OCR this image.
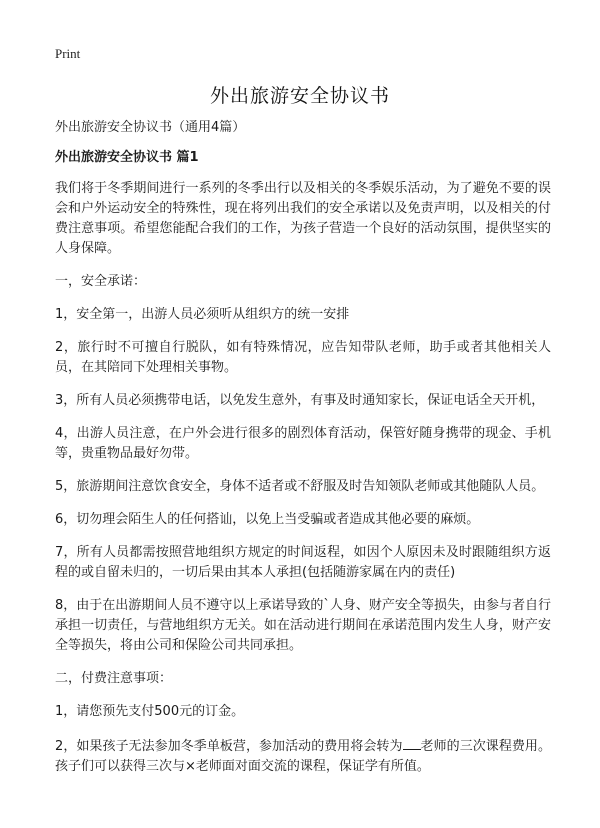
Print
外出旅游安全协议书

外出旅游安全协议书（通用4篇）

外出旅游安全协议书 篇1

我们将于冬季期间进行一系列的冬季出行以及相关的冬季娱乐活动，为了避免不要的误会和户外运动安全的特殊性，现在将列出我们的安全承诺以及免责声明，以及相关的付费注意事项。希望您能配合我们的工作，为孩子营造一个良好的活动氛围，提供坚实的人身保障。

一，安全承诺：

1，安全第一，出游人员必须听从组织方的统一安排

2，旅行时不可擅自行脱队，如有特殊情况，应告知带队老师，助手或者其他相关人员，在其陪同下处理相关事物。

3，所有人员必须携带电话，以免发生意外，有事及时通知家长，保证电话全天开机，

4，出游人员注意，在户外会进行很多的剧烈体育活动，保管好随身携带的现金、手机等，贵重物品最好勿带。

5，旅游期间注意饮食安全，身体不适者或不舒服及时告知领队老师或其他随队人员。

6，切勿理会陌生人的任何搭讪，以免上当受骗或者造成其他必要的麻烦。

7，所有人员都需按照营地组织方规定的时间返程，如因个人原因未及时跟随组织方返程的或自留未归的，一切后果由其本人承担(包括随游家属在内的责任)

8，由于在出游期间人员不遵守以上承诺导致的`人身、财产安全等损失，由参与者自行承担一切责任，与营地组织方无关。如在活动进行期间在承诺范围内发生人身，财产安全等损失，将由公司和保险公司共同承担。

二，付费注意事项：

1，请您预先支付500元的订金。

2，如果孩子无法参加冬季单板营，参加活动的费用将会转为 老师的三次课程费用。孩子们可以获得三次与×老师面对面交流的课程，保证学有所值。
